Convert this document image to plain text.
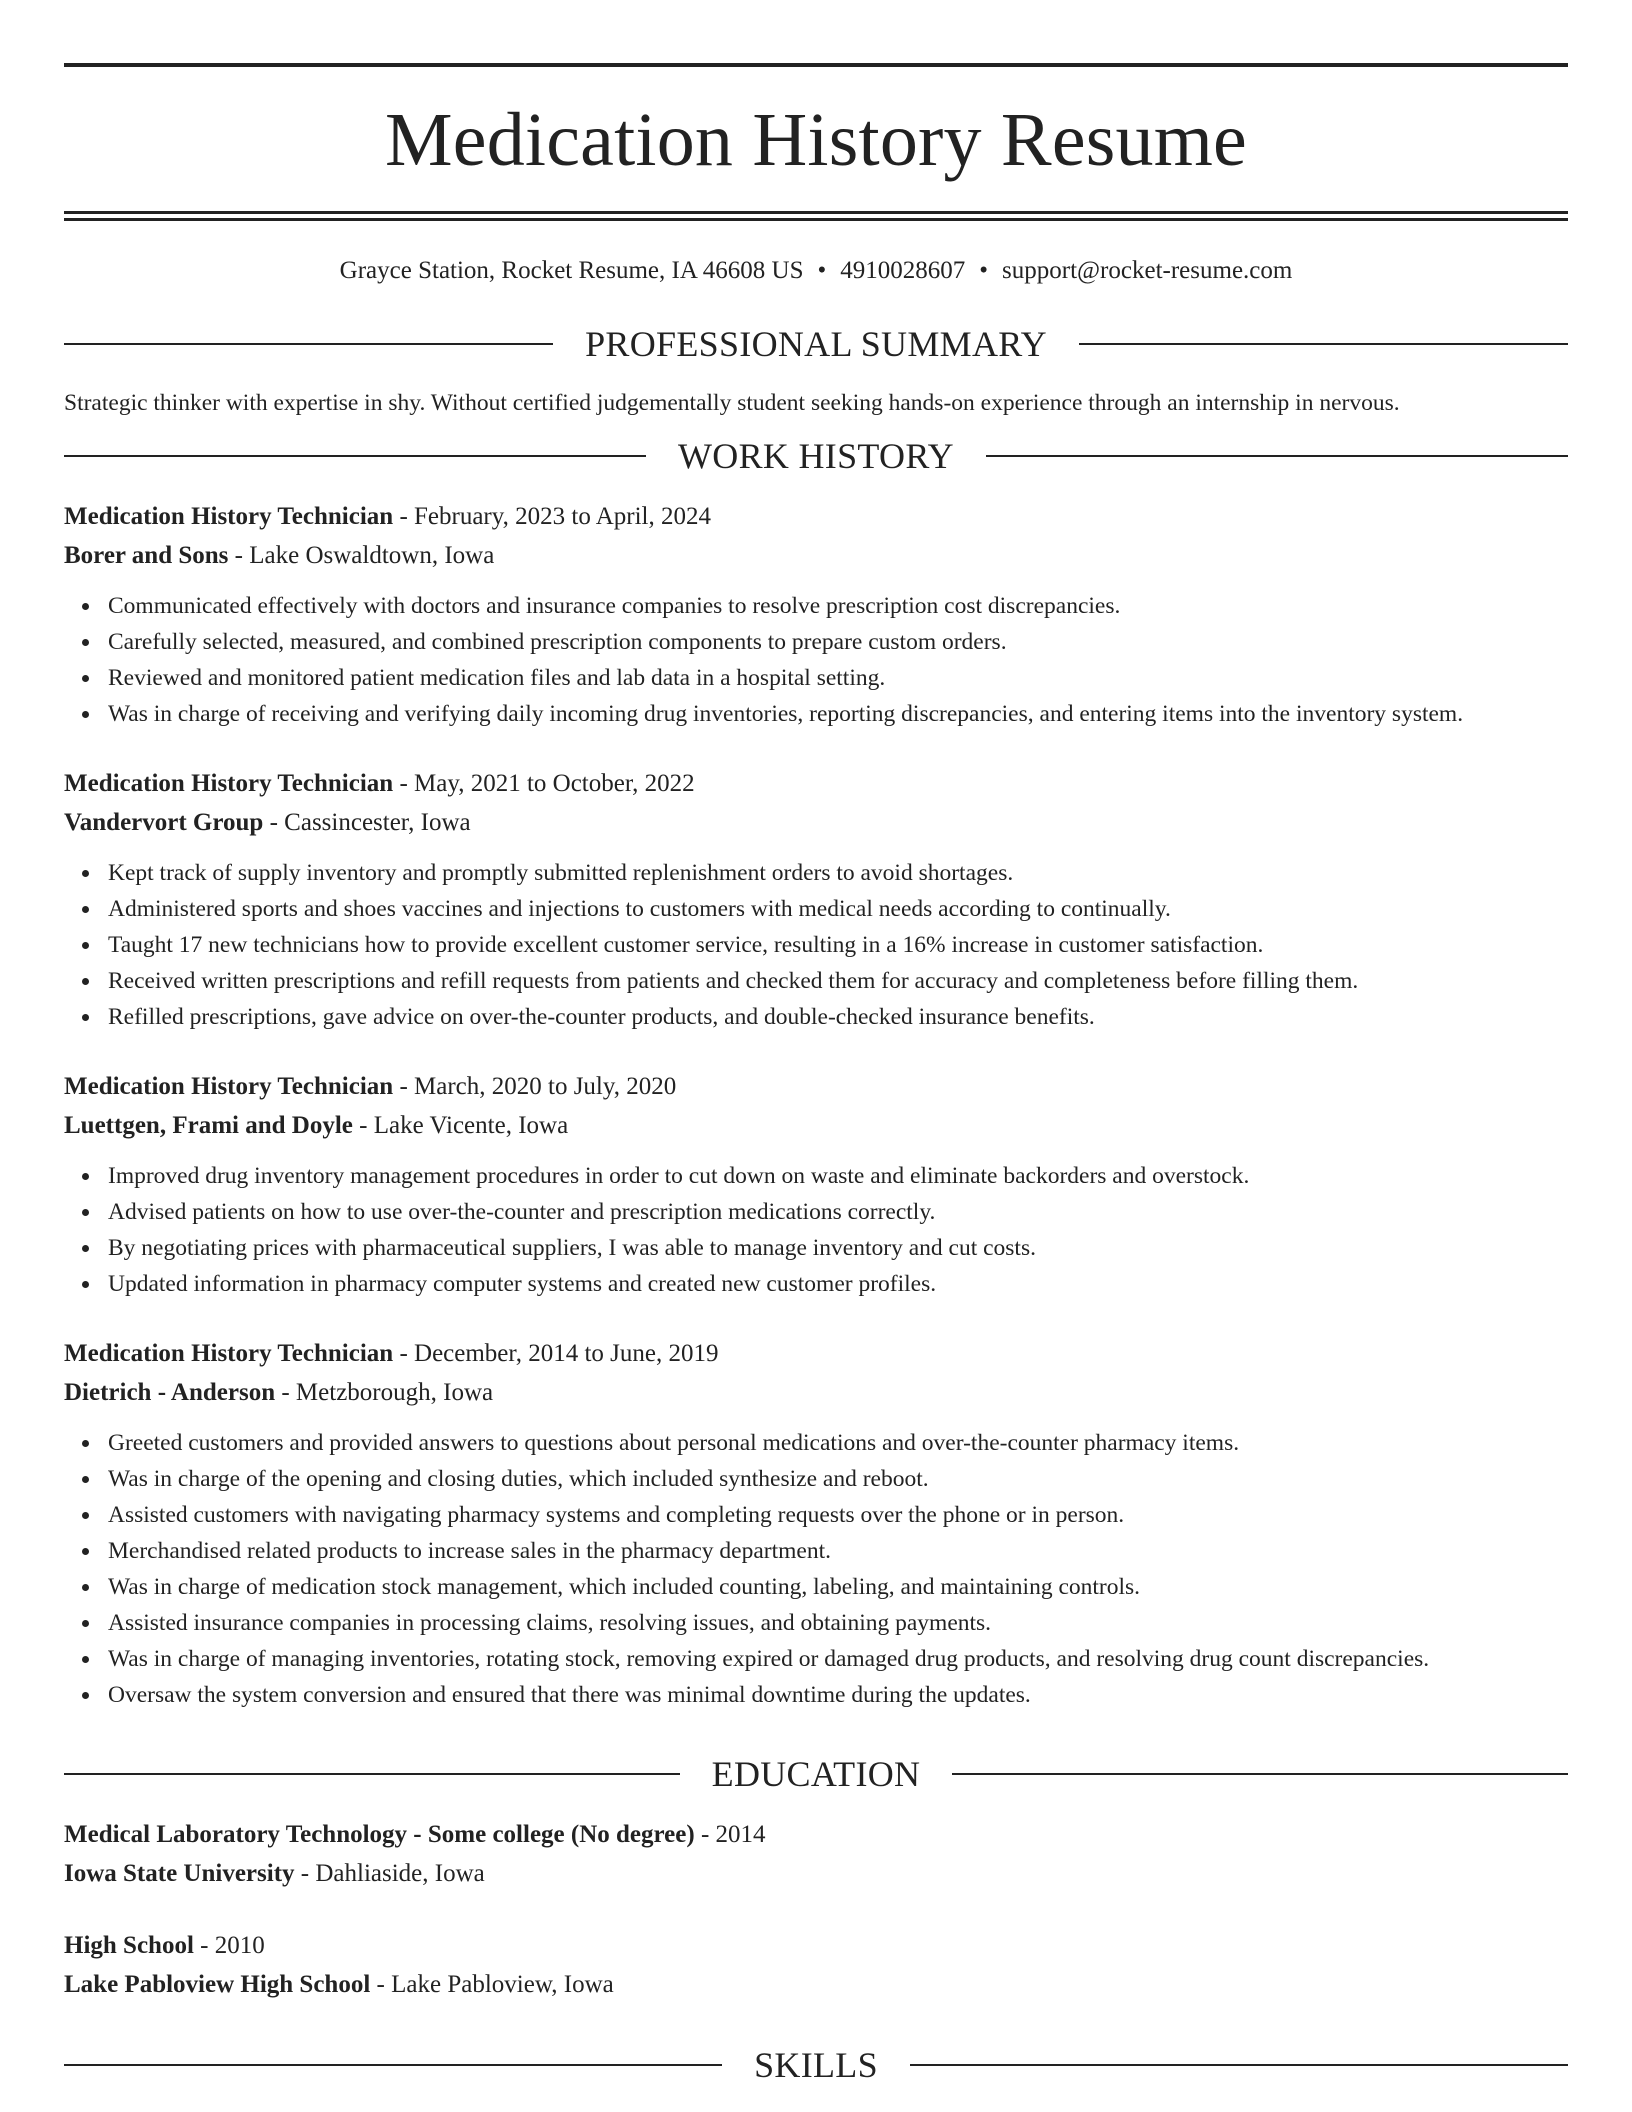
Medication History Resume
Grayce Station, Rocket Resume, IA 46608 US • 4910028607 • support@rocket-resume.com
PROFESSIONAL SUMMARY
Strategic thinker with expertise in shy. Without certified judgementally student seeking hands-on experience through an internship in nervous.
WORK HISTORY
Medication History Technician - February, 2023 to April, 2024
Borer and Sons - Lake Oswaldtown, Iowa
Communicated effectively with doctors and insurance companies to resolve prescription cost discrepancies.
Carefully selected, measured, and combined prescription components to prepare custom orders.
Reviewed and monitored patient medication files and lab data in a hospital setting.
Was in charge of receiving and verifying daily incoming drug inventories, reporting discrepancies, and entering items into the inventory system.
Medication History Technician - May, 2021 to October, 2022
Vandervort Group - Cassincester, Iowa
Kept track of supply inventory and promptly submitted replenishment orders to avoid shortages.
Administered sports and shoes vaccines and injections to customers with medical needs according to continually.
Taught 17 new technicians how to provide excellent customer service, resulting in a 16% increase in customer satisfaction.
Received written prescriptions and refill requests from patients and checked them for accuracy and completeness before filling them.
Refilled prescriptions, gave advice on over-the-counter products, and double-checked insurance benefits.
Medication History Technician - March, 2020 to July, 2020
Luettgen, Frami and Doyle - Lake Vicente, Iowa
Improved drug inventory management procedures in order to cut down on waste and eliminate backorders and overstock.
Advised patients on how to use over-the-counter and prescription medications correctly.
By negotiating prices with pharmaceutical suppliers, I was able to manage inventory and cut costs.
Updated information in pharmacy computer systems and created new customer profiles.
Medication History Technician - December, 2014 to June, 2019
Dietrich - Anderson - Metzborough, Iowa
Greeted customers and provided answers to questions about personal medications and over-the-counter pharmacy items.
Was in charge of the opening and closing duties, which included synthesize and reboot.
Assisted customers with navigating pharmacy systems and completing requests over the phone or in person.
Merchandised related products to increase sales in the pharmacy department.
Was in charge of medication stock management, which included counting, labeling, and maintaining controls.
Assisted insurance companies in processing claims, resolving issues, and obtaining payments.
Was in charge of managing inventories, rotating stock, removing expired or damaged drug products, and resolving drug count discrepancies.
Oversaw the system conversion and ensured that there was minimal downtime during the updates.
EDUCATION
Medical Laboratory Technology - Some college (No degree) - 2014
Iowa State University - Dahliaside, Iowa
High School - 2010
Lake Pabloview High School - Lake Pabloview, Iowa
SKILLS
